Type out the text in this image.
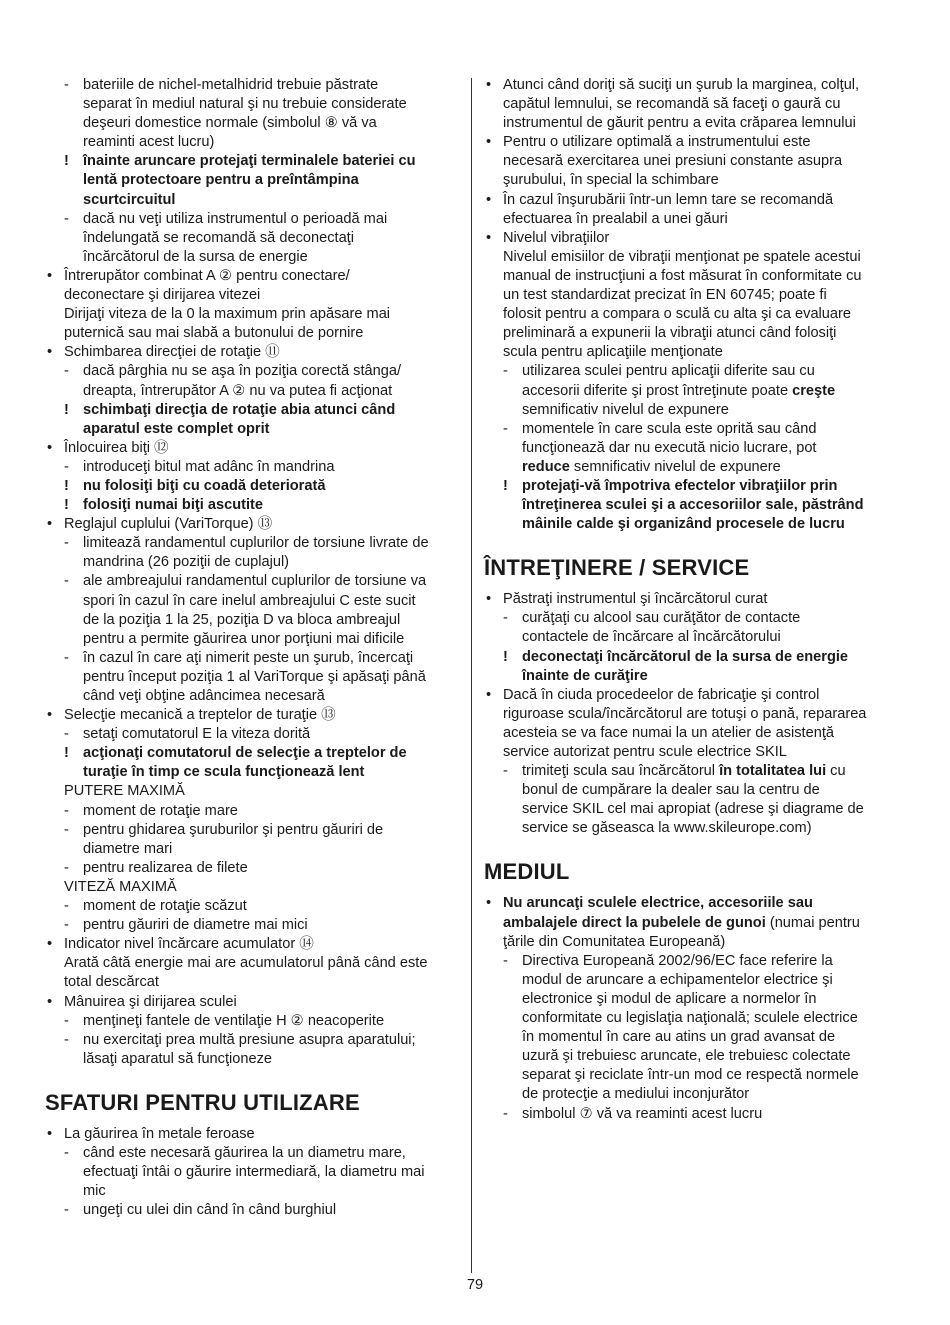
- bateriile de nichel-metalhidrid trebuie păstrate
separat în mediul natural şi nu trebuie considerate
deşeuri domestice normale (simbolul ⑧ vă va
reaminti acest lucru)
! înainte aruncare protejaţi terminalele bateriei cu
lentă protectoare pentru a preîntâmpina
scurtcircuitul
- dacă nu veţi utiliza instrumentul o perioadă mai
îndelungată se recomandă să deconectaţi
încărcătorul de la sursa de energie
• Întrerupător combinat A ② pentru conectare/
deconectare şi dirijarea vitezei
Dirijaţi viteza de la 0 la maximum prin apăsare mai
puternică sau mai slabă a butonului de pornire
• Schimbarea direcţiei de rotaţie ⑪
- dacă pârghia nu se aşa în poziţia corectă stânga/
dreapta, întrerupător A ② nu va putea fi acţionat
! schimbaţi direcţia de rotaţie abia atunci când
aparatul este complet oprit
• Înlocuirea biţi ⑫
- introduceţi bitul mat adânc în mandrina
! nu folosiţi biţi cu coadă deteriorată
! folosiţi numai biţi ascutite
• Reglajul cuplului (VariTorque) ⑬
- limitează randamentul cuplurilor de torsiune livrate de
mandrina (26 poziţii de cuplajul)
- ale ambreajului randamentul cuplurilor de torsiune va
spori în cazul în care inelul ambreajului C este sucit
de la poziţia 1 la 25, poziţia D va bloca ambreajul
pentru a permite găurirea unor porţiuni mai dificile
- în cazul în care aţi nimerit peste un şurub, încercaţi
pentru început poziţia 1 al VariTorque şi apăsaţi până
când veţi obţine adâncimea necesară
• Selecţie mecanică a treptelor de turaţie ⑬
- setaţi comutatorul E la viteza dorită
! acţionaţi comutatorul de selecţie a treptelor de
turaţie în timp ce scula funcţionează lent
PUTERE MAXIMĂ
- moment de rotaţie mare
- pentru ghidarea şuruburilor şi pentru găuriri de
diametre mari
- pentru realizarea de filete
VITEZĂ MAXIMĂ
- moment de rotaţie scăzut
- pentru găuriri de diametre mai mici
• Indicator nivel încărcare acumulator ⑭
Arată câtă energie mai are acumulatorul până când este
total descărcat
• Mânuirea şi dirijarea sculei
- menţineţi fantele de ventilaţie H ② neacoperite
- nu exercitaţi prea multă presiune asupra aparatului;
lăsaţi aparatul să funcţioneze
SFATURI PENTRU UTILIZARE
• La găurirea în metale feroase
- când este necesară găurirea la un diametru mare,
efectuaţi întâi o găurire intermediară, la diametru mai
mic
- ungeţi cu ulei din când în când burghiul
• Atunci când doriţi să suciţi un şurub la marginea, colţul,
capătul lemnului, se recomandă să faceţi o gaură cu
instrumentul de găurit pentru a evita crăparea lemnului
• Pentru o utilizare optimală a instrumentului este
necesară exercitarea unei presiuni constante asupra
şurubului, în special la schimbare
• În cazul înşurubării într-un lemn tare se recomandă
efectuarea în prealabil a unei găuri
• Nivelul vibraţiilor
Nivelul emisiilor de vibraţii menţionat pe spatele acestui
manual de instrucţiuni a fost măsurat în conformitate cu
un test standardizat precizat în EN 60745; poate fi
folosit pentru a compara o sculă cu alta şi ca evaluare
preliminară a expunerii la vibraţii atunci când folosiţi
scula pentru aplicaţiile menţionate
- utilizarea sculei pentru aplicaţii diferite sau cu
accesorii diferite şi prost întreţinute poate creşte
semnificativ nivelul de expunere
- momentele în care scula este oprită sau când
funcţionează dar nu execută nicio lucrare, pot
reduce semnificativ nivelul de expunere
! protejaţi-vă împotriva efectelor vibraţiilor prin
întreţinerea sculei şi a accesoriilor sale, păstrând
mâinile calde şi organizând procesele de lucru
ÎNTREŢINERE / SERVICE
• Păstraţi instrumentul şi încărcătorul curat
- curăţaţi cu alcool sau curăţător de contacte
contactele de încărcare al încărcătorului
! deconectaţi încărcătorul de la sursa de energie
înainte de curăţire
• Dacă în ciuda procedeelor de fabricaţie şi control
riguroase scula/încărcătorul are totuşi o pană, repararea
acesteia se va face numai la un atelier de asistenţă
service autorizat pentru scule electrice SKIL
- trimiteţi scula sau încărcătorul în totalitatea lui cu
bonul de cumpărare la dealer sau la centru de
service SKIL cel mai apropiat (adrese şi diagrame de
service se găseasca la www.skileurope.com)
MEDIUL
• Nu aruncaţi sculele electrice, accesoriile sau
ambalajele direct la pubelele de gunoi (numai pentru
ţările din Comunitatea Europeană)
- Directiva Europeană 2002/96/EC face referire la
modul de aruncare a echipamentelor electrice şi
electronice şi modul de aplicare a normelor în
conformitate cu legislaţia naţională; sculele electrice
în momentul în care au atins un grad avansat de
uzură şi trebuiesc aruncate, ele trebuiesc colectate
separat şi reciclate într-un mod ce respectă normele
de protecţie a mediului inconjurător
- simbolul ⑦ vă va reaminti acest lucru
79
